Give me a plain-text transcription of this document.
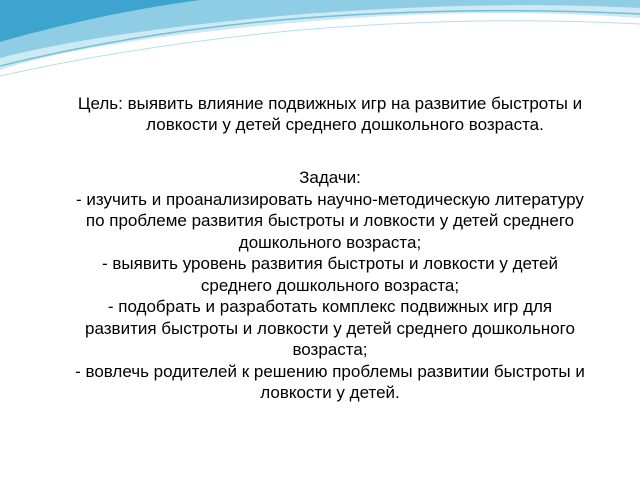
Цель: выявить влияние подвижных игр на развитие быстроты и
ловкости у детей среднего дошкольного возраста.
Задачи:
- изучить и проанализировать научно-методическую литературу
по проблеме развития быстроты и ловкости у детей среднего
дошкольного возраста;
- выявить уровень развития быстроты и ловкости у детей
среднего дошкольного возраста;
- подобрать и разработать комплекс подвижных игр для
развития быстроты и ловкости у детей среднего дошкольного
возраста;
- вовлечь родителей к решению проблемы развитии быстроты и
ловкости у детей.
